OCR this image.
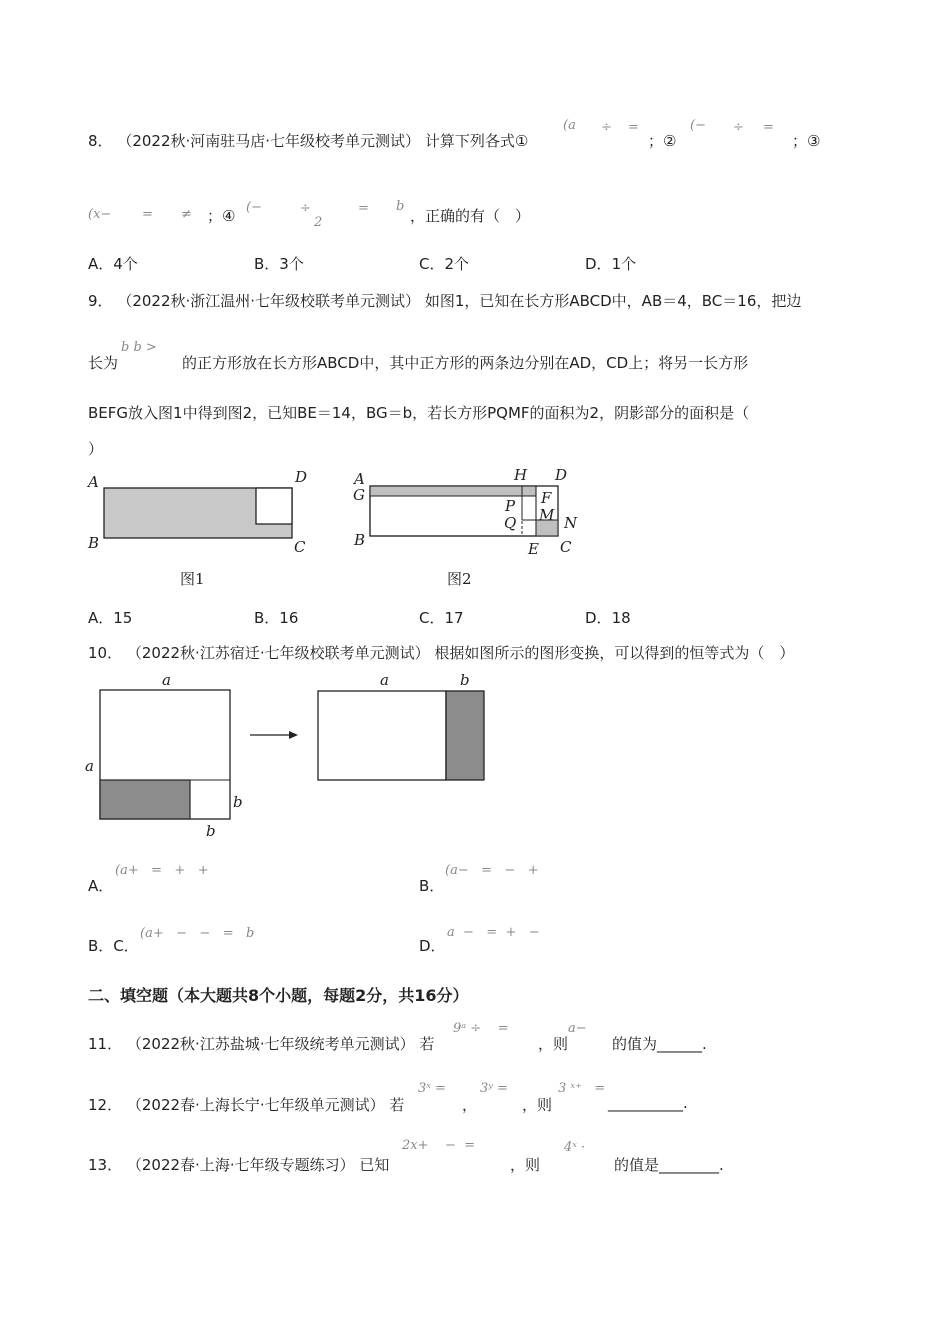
8． （2022秋·河南驻马店·七年级校考单元测试） 计算下列各式①
(a ÷ =
；②
(− ÷ =
；③
(x− = ≠ ；④ (−	÷
2
= b
，正确的有（　）
A．4个	B．3个	C．2个	D．1个
9． （2022秋·浙江温州·七年级校联考单元测试） 如图1，已知在长方形ABCD中，AB＝4，BC＝16，把边
长为
b b >
的正方形放在长方形ABCD中，其中正方形的两条边分别在AD，CD上；将另一长方形
BEFG放入图1中得到图2，已知BE＝14，BG＝b，若长方形PQMF的面积为2，阴影部分的面积是（
）
A
B	C
D
图1
A
G
B
H D
P F
Q M N
E C
图2
A．15	B．16	C．17	D．18
10． （2022秋·江苏宿迁·七年级校联考单元测试） 根据如图所示的图形变换，可以得到的恒等式为（　）
a
a
b
b
a	b
A．
(a+   =   +   +
B．
(a−   =   −   +
B．C．
(a+   −   −   =   b
D．
a  −   =  +   −
二、填空题（本大题共8个小题，每题2分，共16分）
11． （2022秋·江苏盐城·七年级统考单元测试） 若
9ᵃ ÷    =
，则
a−
的值为______.
12． （2022春·上海长宁·七年级单元测试） 若
3ˣ =
，
3ʸ =
，则
3 ˣ⁺   =
__________.
13． （2022春·上海·七年级专题练习） 已知
2x+    −  =
，则
4ˣ ·
的值是________.
